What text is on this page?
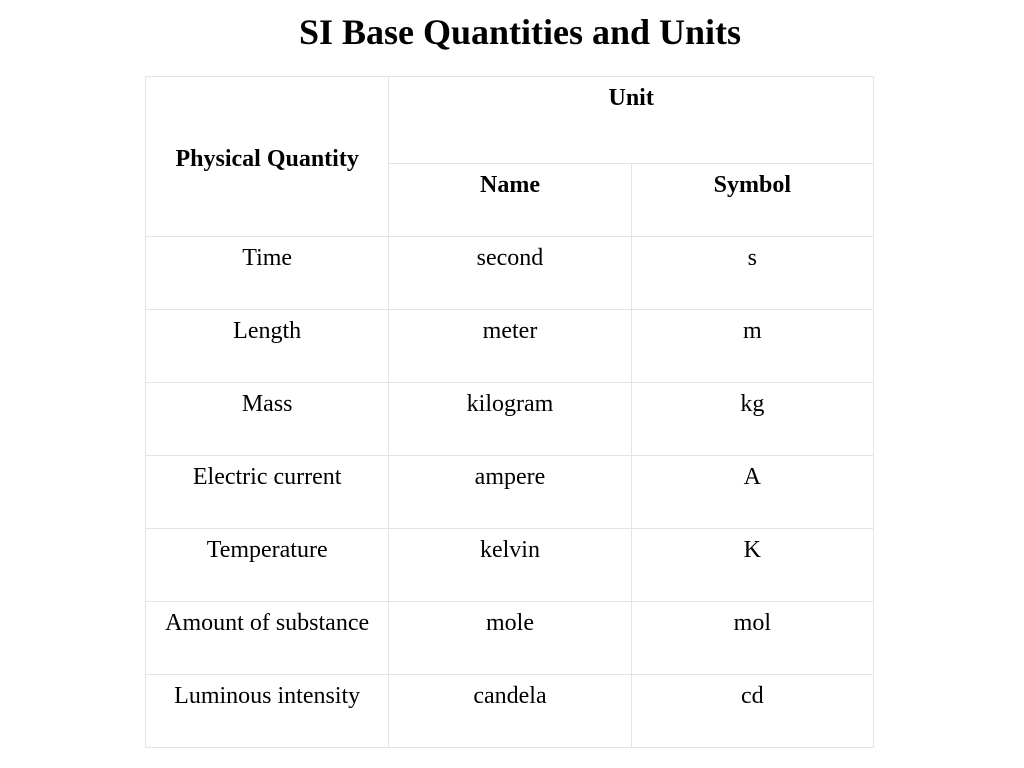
SI Base Quantities and Units
Physical Quantity	Unit	
	Name	Symbol
Time	second	s
Length	meter	m
Mass	kilogram	kg
Electric current	ampere	A
Temperature	kelvin	K
Amount of substance	mole	mol
Luminous intensity	candela	cd
